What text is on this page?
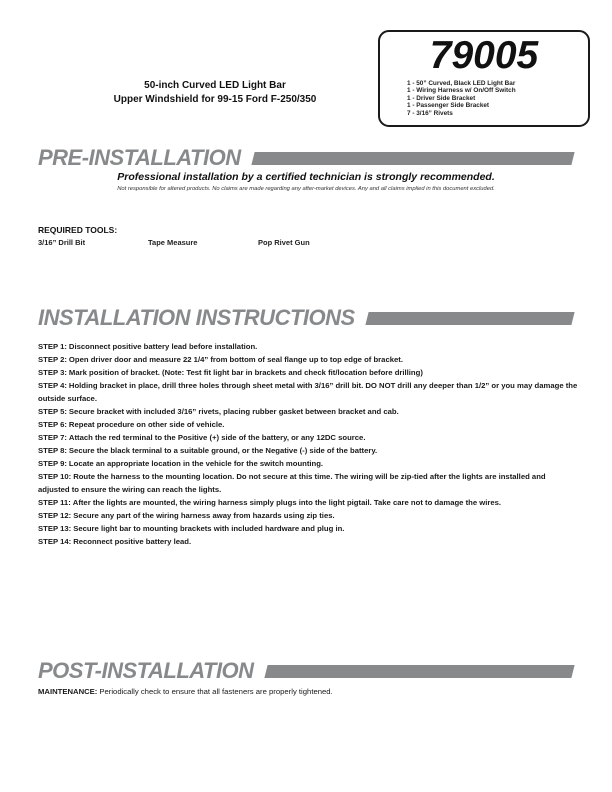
79005
1 - 50” Curved, Black LED Light Bar
1 - Wiring Harness w/ On/Off Switch
1 - Driver Side Bracket
1 - Passenger Side Bracket
7 - 3/16” Rivets
50-inch Curved LED Light Bar
Upper Windshield for 99-15 Ford F-250/350
PRE-INSTALLATION
Professional installation by a certified technician is strongly recommended.
Not responsible for altered products. No claims are made regarding any after-market devices. Any and all claims implied in this document excluded.
REQUIRED TOOLS:
3/16” Drill Bit	Tape Measure	Pop Rivet Gun
INSTALLATION INSTRUCTIONS
STEP 1: Disconnect positive battery lead before installation.
STEP 2: Open driver door and measure 22 1/4” from bottom of seal flange up to top edge of bracket.
STEP 3: Mark position of bracket. (Note: Test fit light bar in brackets and check fit/location before drilling)
STEP 4: Holding bracket in place, drill three holes through sheet metal with 3/16” drill bit. DO NOT drill any deeper than 1/2” or you may damage the outside surface.
STEP 5: Secure bracket with included 3/16” rivets, placing rubber gasket between bracket and cab.
STEP 6: Repeat procedure on other side of vehicle.
STEP 7: Attach the red terminal to the Positive (+) side of the battery, or any 12DC source.
STEP 8: Secure the black terminal to a suitable ground, or the Negative (-) side of the battery.
STEP 9: Locate an appropriate location in the vehicle for the switch mounting.
STEP 10: Route the harness to the mounting location. Do not secure at this time. The wiring will be zip-tied after the lights are installed and adjusted to ensure the wiring can reach the lights.
STEP 11: After the lights are mounted, the wiring harness simply plugs into the light pigtail. Take care not to damage the wires.
STEP 12: Secure any part of the wiring harness away from hazards using zip ties.
STEP 13: Secure light bar to mounting brackets with included hardware and plug in.
STEP 14: Reconnect positive battery lead.
POST-INSTALLATION
MAINTENANCE: Periodically check to ensure that all fasteners are properly tightened.
